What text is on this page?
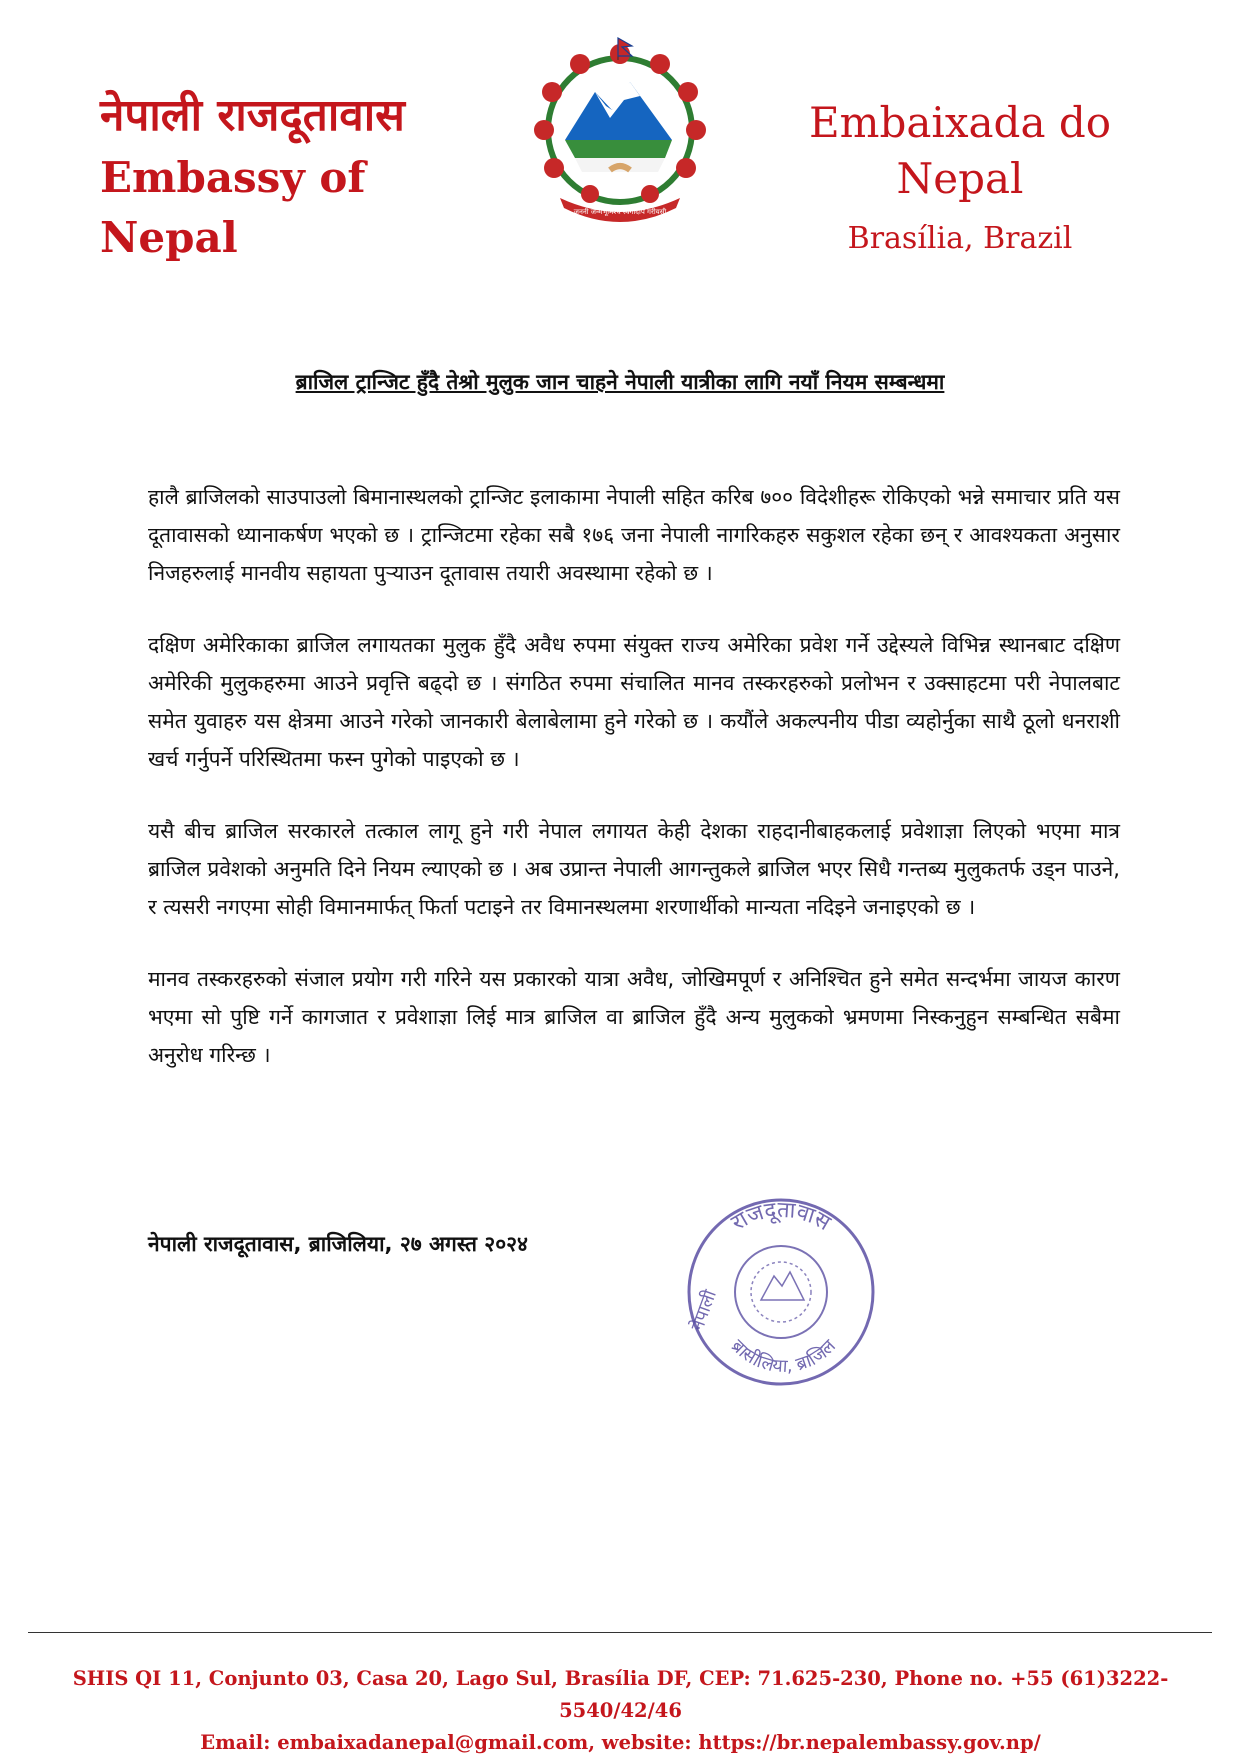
नेपाली राजदूतावास
Embassy of Nepal
जननी जन्मभूमिश्च स्वर्गादपि गरीयसी
Embaixada do Nepal
Brasília, Brazil
ब्राजिल ट्रान्जिट हुँदै तेश्रो मुलुक जान चाहने नेपाली यात्रीका लागि नयाँ नियम सम्बन्धमा

हालै ब्राजिलको साउपाउलो बिमानास्थलको ट्रान्जिट इलाकामा नेपाली सहित करिब ७०० विदेशीहरू रोकिएको भन्ने समाचार प्रति यस दूतावासको ध्यानाकर्षण भएको छ । ट्रान्जिटमा रहेका सबै १७६ जना नेपाली नागरिकहरु सकुशल रहेका छन् र आवश्यकता अनुसार निजहरुलाई मानवीय सहायता पुर्‍याउन दूतावास तयारी अवस्थामा रहेको छ ।

दक्षिण अमेरिकाका ब्राजिल लगायतका मुलुक हुँदै अवैध रुपमा संयुक्त राज्य अमेरिका प्रवेश गर्ने उद्देस्यले विभिन्न स्थानबाट दक्षिण अमेरिकी मुलुकहरुमा आउने प्रवृत्ति बढ्दो छ । संगठित रुपमा संचालित मानव तस्करहरुको प्रलोभन र उक्साहटमा परी नेपालबाट समेत युवाहरु यस क्षेत्रमा आउने गरेको जानकारी बेलाबेलामा हुने गरेको छ । कयौंले अकल्पनीय पीडा व्यहोर्नुका साथै ठूलो धनराशी खर्च गर्नुपर्ने परिस्थितमा फस्न पुगेको पाइएको छ ।

यसै बीच ब्राजिल सरकारले तत्काल लागू हुने गरी नेपाल लगायत केही देशका राहदानीबाहकलाई प्रवेशाज्ञा लिएको भएमा मात्र ब्राजिल प्रवेशको अनुमति दिने नियम ल्याएको छ । अब उप्रान्त नेपाली आगन्तुकले ब्राजिल भएर सिधै गन्तब्य मुलुकतर्फ उड्न पाउने, र त्यसरी नगएमा सोही विमानमार्फत् फिर्ता पटाइने तर विमानस्थलमा शरणार्थीको मान्यता नदिइने जनाइएको छ ।

मानव तस्करहरुको संजाल प्रयोग गरी गरिने यस प्रकारको यात्रा अवैध, जोखिमपूर्ण र अनिश्चित हुने समेत सन्दर्भमा जायज कारण भएमा सो पुष्टि गर्ने कागजात र प्रवेशाज्ञा लिई मात्र ब्राजिल वा ब्राजिल हुँदै अन्य मुलुकको भ्रमणमा निस्कनुहुन सम्बन्धित सबैमा अनुरोध गरिन्छ ।

नेपाली राजदूतावास, ब्राजिलिया, २७ अगस्त २०२४
राजदूतावास
ब्रासीलिया, ब्राजिल
नेपाली
SHIS QI 11, Conjunto 03, Casa 20, Lago Sul, Brasília DF, CEP: 71.625-230, Phone no. +55 (61)3222-5540/42/46
Email: embaixadanepal@gmail.com, website: https://br.nepalembassy.gov.np/
